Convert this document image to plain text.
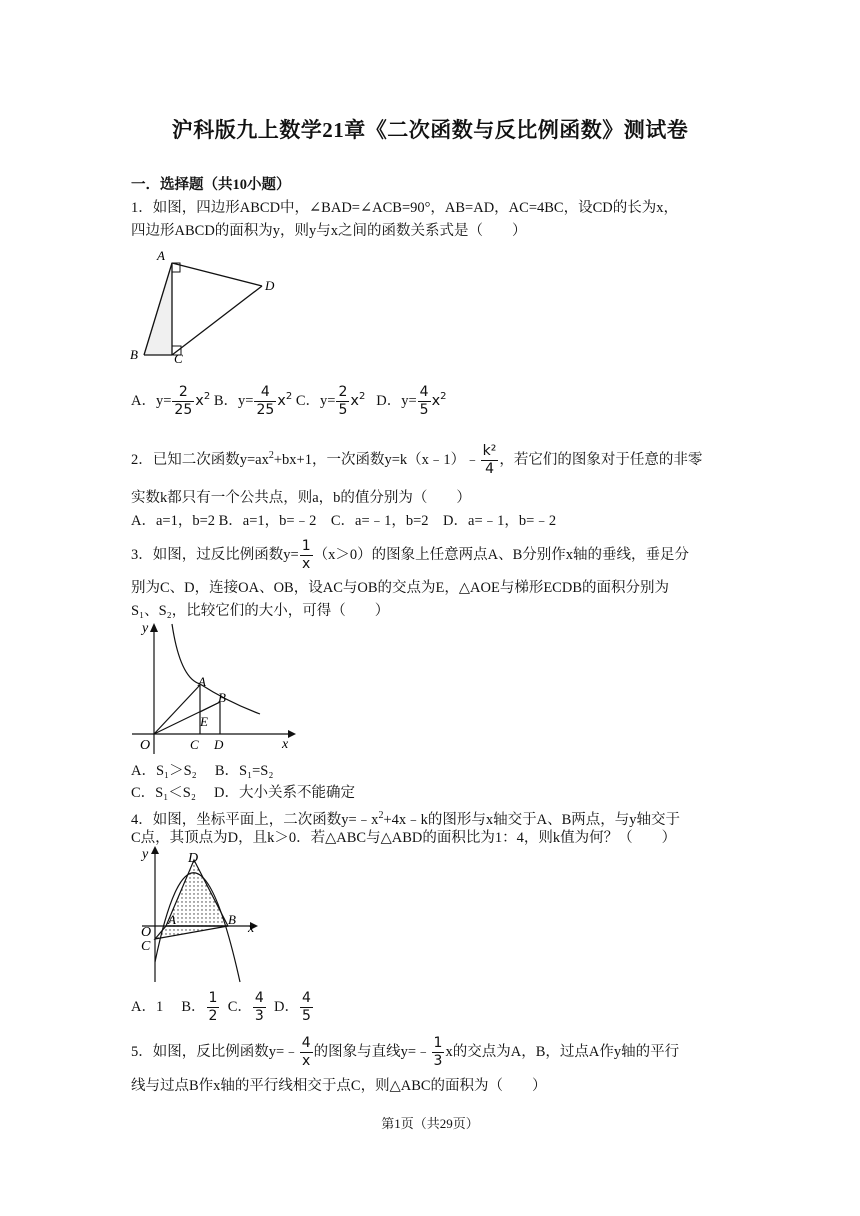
沪科版九上数学21章《二次函数与反比例函数》测试卷
一．选择题（共10小题）
1．如图，四边形ABCD中，∠BAD=∠ACB=90°，AB=AD，AC=4BC，设CD的长为x，
四边形ABCD的面积为y，则y与x之间的函数关系式是（　　）
A
D
B	C
A．$y= \frac{2}{25} x^2$ B．$y= \frac{4}{25} x^2$ C．$y= \frac{2}{5} x^2$ D．$y= \frac{4}{5} x^2$
2．已知二次函数$y=ax^2+bx+1$，一次函数y=k（x﹣1）﹣ $\frac{\text{k²}}{4}$ ，若它们的图象对于任意的非零
实数k都只有一个公共点，则a，b的值分别为（　　）
A．a=1，b=2 B．a=1，b=﹣2　C．a=﹣1，b=2　D．a=﹣1，b=﹣2
3．如图，过反比例函数$y= \frac{1}{x} (x>0)$的图象上任意两点A、B分别作x轴的垂线，垂足分
别为C、D，连接OA、OB，设AC与OB的交点为E，△AOE与梯形ECDB的面积分别为
S₁、S₂，比较它们的大小，可得（　　）
y
A
B
E
O	C D	x
A．S₁＞S₂　 B．S₁=S₂
C．S₁＜S₂　 D．大小关系不能确定
4．如图，坐标平面上，二次函数$y=﹣x^2+4x﹣k$的图形与x轴交于A、B两点，与y轴交于
C点，其顶点为D，且k＞0．若△ABC与△ABD的面积比为1：4，则k值为何？（　　）
y	D
A	B
x
O
C
A．1 B． $\frac{1}{2}$ C． $\frac{4}{3}$ D． $\frac{4}{5}$
5．如图，反比例函数y=﹣ $\frac{4}{x}$ 的图象与直线y=﹣ $\frac{1}{3}$ x的交点为A，B，过点A作y轴的平行
线与过点B作x轴的平行线相交于点C，则△ABC的面积为（　　）
第1页（共29页）
